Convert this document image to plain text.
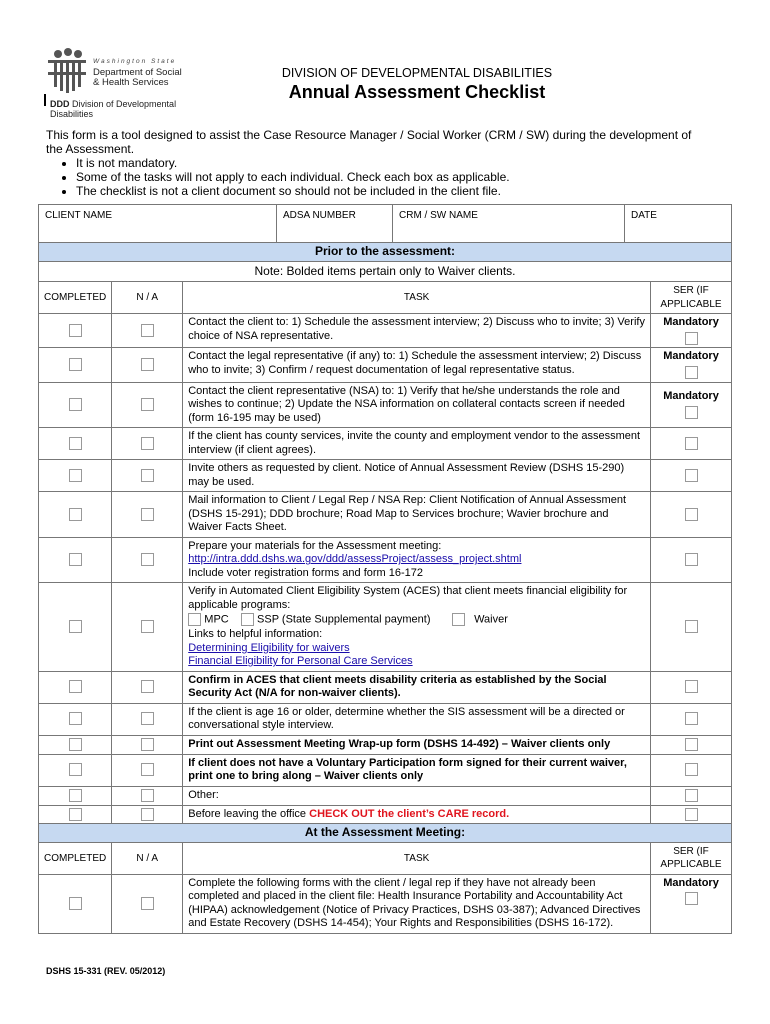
Washington State
Department of Social
& Health Services
DDD Division of Developmental
Disabilities
DIVISION OF DEVELOPMENTAL DISABILITIES
Annual Assessment Checklist
This form is a tool designed to assist the Case Resource Manager / Social Worker (CRM / SW) during the development of the Assessment.
• It is not mandatory.
• Some of the tasks will not apply to each individual. Check each box as applicable.
• The checklist is not a client document so should not be included in the client file.
CLIENT NAME	ADSA NUMBER	CRM / SW NAME	DATE
Prior to the assessment:			
Note: Bolded items pertain only to Waiver clients.			
COMPLETED	N / A	TASK	SER (IF APPLICABLE
		Contact the client to: 1) Schedule the assessment interview; 2) Discuss who to invite; 3) Verify choice of NSA representative.	Mandatory

		Contact the legal representative (if any) to: 1) Schedule the assessment interview; 2) Discuss who to invite; 3) Confirm / request documentation of legal representative status.	Mandatory

		Contact the client representative (NSA) to: 1) Verify that he/she understands the role and wishes to continue; 2) Update the NSA information on collateral contacts screen if needed (form 16-195 may be used)	Mandatory

		If the client has county services, invite the county and employment vendor to the assessment interview (if client agrees).	
		Invite others as requested by client. Notice of Annual Assessment Review (DSHS 15-290) may be used.	
		Mail information to Client / Legal Rep / NSA Rep: Client Notification of Annual Assessment (DSHS 15-291); DDD brochure; Road Map to Services brochure; Wavier brochure and Waiver Facts Sheet.	

		Prepare your materials for the Assessment meeting:
http://intra.ddd.dshs.wa.gov/ddd/assessProject/assess_project.shtml
Include voter registration forms and form 16-172	

		Verify in Automated Client Eligibility System (ACES) that client meets financial eligibility for applicable programs:
MPC SSP (State Supplemental payment) Waiver
Links to helpful information:
Determining Eligibility for waivers
Financial Eligibility for Personal Care Services	

		Confirm in ACES that client meets disability criteria as established by the Social Security Act (N/A for non-waiver clients).	
		If the client is age 16 or older, determine whether the SIS assessment will be a directed or conversational style interview.	
		Print out Assessment Meeting Wrap-up form (DSHS 14-492) – Waiver clients only	
		If client does not have a Voluntary Participation form signed for their current waiver, print one to bring along – Waiver clients only	
		Other:	
		Before leaving the office CHECK OUT the client’s CARE record.	
At the Assessment Meeting:			
COMPLETED	N / A	TASK	SER (IF APPLICABLE
		Complete the following forms with the client / legal rep if they have not already been completed and placed in the client file: Health Insurance Portability and Accountability Act (HIPAA) acknowledgement (Notice of Privacy Practices, DSHS 03-387); Advanced Directives and Estate Recovery (DSHS 14-454); Your Rights and Responsibilities (DSHS 16-172).	Mandatory
DSHS 15-331 (REV. 05/2012)
